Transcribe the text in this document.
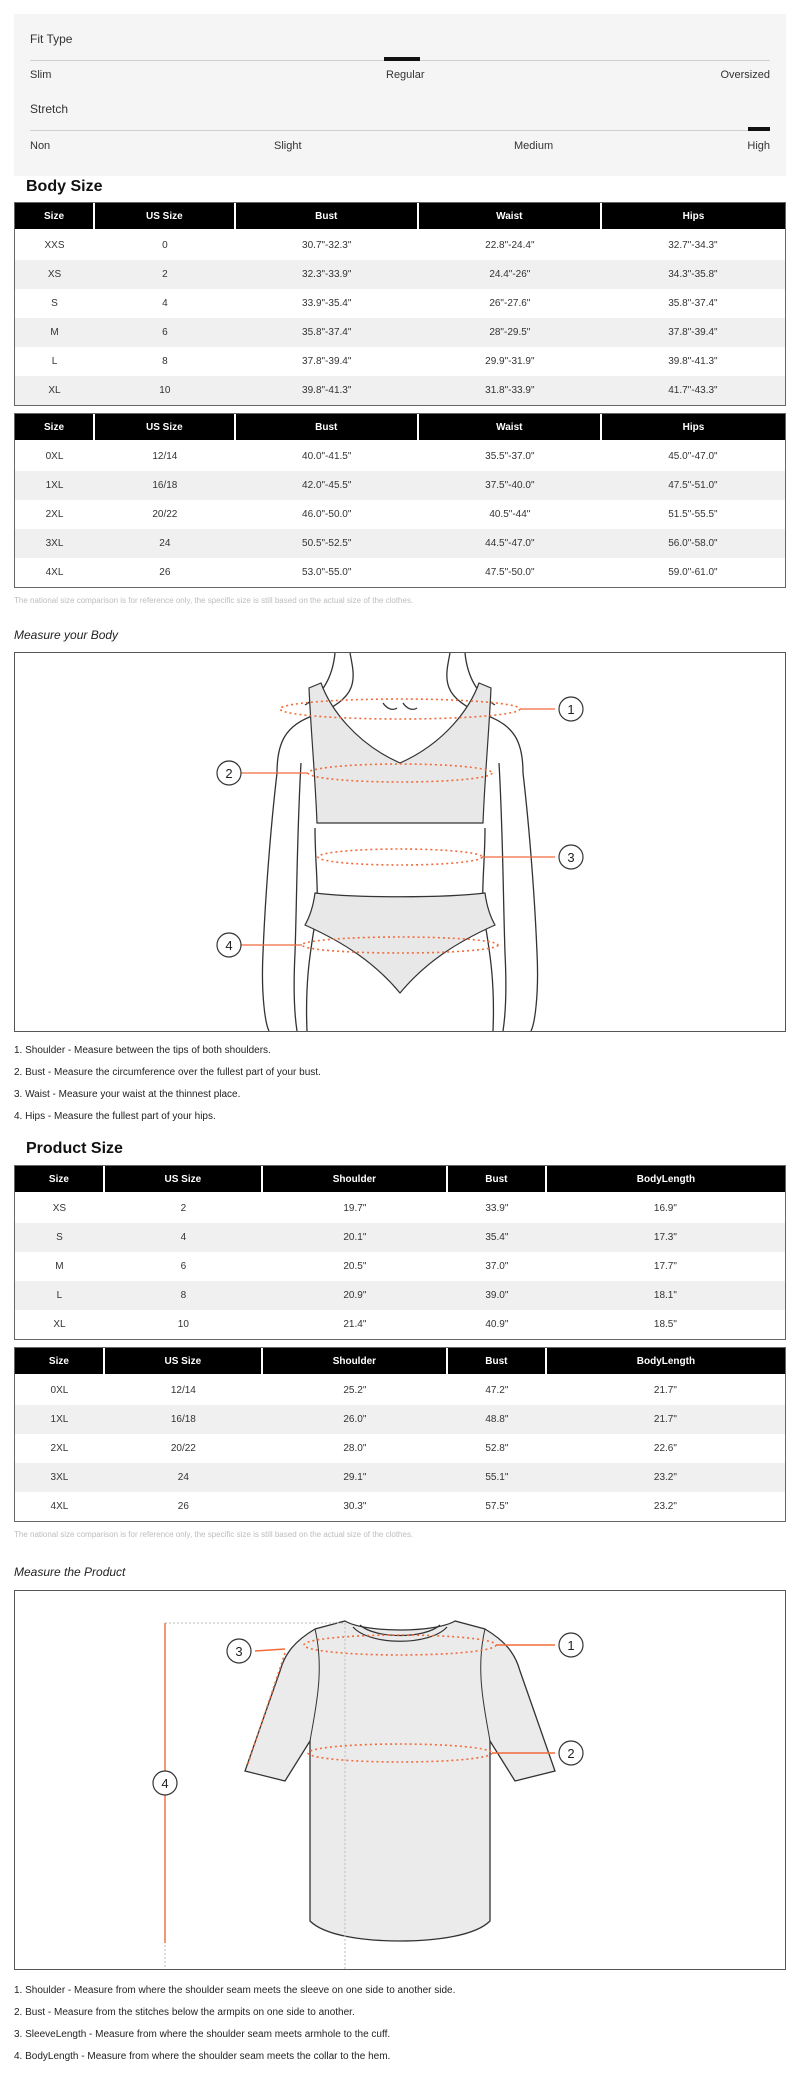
Fit Type
Slim	Regular	Oversized
Stretch
Non	Slight	Medium	High
Body Size
Size	US Size	Bust	Waist	Hips
XXS	0	30.7"-32.3"	22.8"-24.4"	32.7"-34.3"
XS	2	32.3"-33.9"	24.4"-26"	34.3"-35.8"
S	4	33.9"-35.4"	26"-27.6"	35.8"-37.4"
M	6	35.8"-37.4"	28"-29.5"	37.8"-39.4"
L	8	37.8"-39.4"	29.9"-31.9"	39.8"-41.3"
XL	10	39.8"-41.3"	31.8"-33.9"	41.7"-43.3"
Size	US Size	Bust	Waist	Hips
0XL	12/14	40.0"-41.5"	35.5"-37.0"	45.0"-47.0"
1XL	16/18	42.0"-45.5"	37.5"-40.0"	47.5"-51.0"
2XL	20/22	46.0"-50.0"	40.5"-44"	51.5"-55.5"
3XL	24	50.5"-52.5"	44.5"-47.0"	56.0"-58.0"
4XL	26	53.0"-55.0"	47.5"-50.0"	59.0"-61.0"
The national size comparison is for reference only, the specific size is still based on the actual size of the clothes.
Measure your Body
1
2
3
4
1. Shoulder - Measure between the tips of both shoulders.
2. Bust - Measure the circumference over the fullest part of your bust.
3. Waist - Measure your waist at the thinnest place.
4. Hips - Measure the fullest part of your hips.
Product Size
Size	US Size	Shoulder	Bust	BodyLength
XS	2	19.7"	33.9"	16.9"
S	4	20.1"	35.4"	17.3"
M	6	20.5"	37.0"	17.7"
L	8	20.9"	39.0"	18.1"
XL	10	21.4"	40.9"	18.5"
Size	US Size	Shoulder	Bust	BodyLength
0XL	12/14	25.2"	47.2"	21.7"
1XL	16/18	26.0"	48.8"	21.7"
2XL	20/22	28.0"	52.8"	22.6"
3XL	24	29.1"	55.1"	23.2"
4XL	26	30.3"	57.5"	23.2"
The national size comparison is for reference only, the specific size is still based on the actual size of the clothes.
Measure the Product
1
2
3
4
1. Shoulder - Measure from where the shoulder seam meets the sleeve on one side to another side.
2. Bust - Measure from the stitches below the armpits on one side to another.
3. SleeveLength - Measure from where the shoulder seam meets armhole to the cuff.
4. BodyLength - Measure from where the shoulder seam meets the collar to the hem.
